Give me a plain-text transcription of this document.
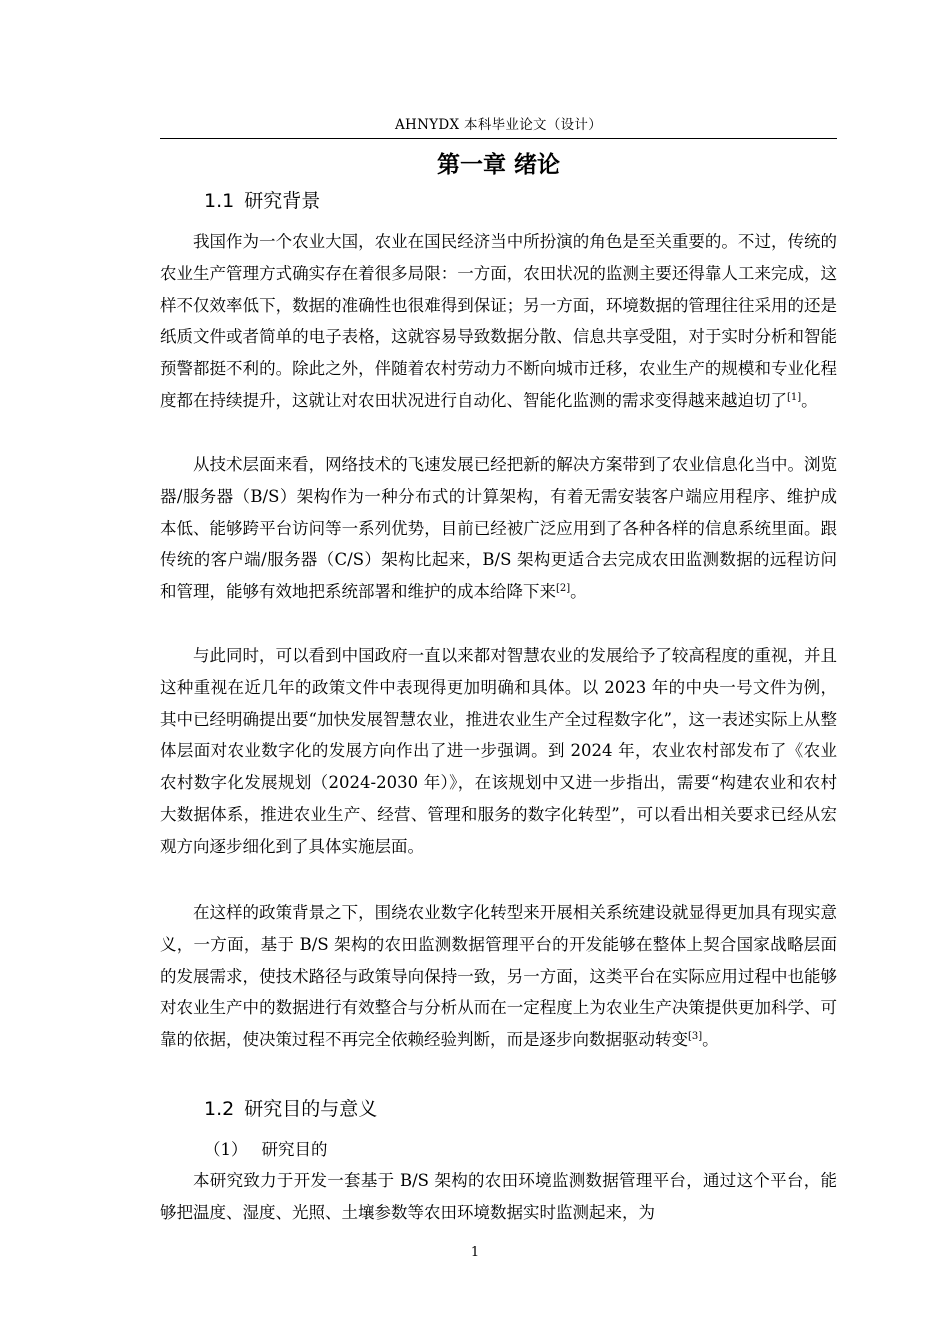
AHNYDX 本科毕业论文（设计）
第一章 绪论
1.1 研究背景

我国作为一个农业大国，农业在国民经济当中所扮演的角色是至关重要的。不过，传统的农业生产管理方式确实存在着很多局限：一方面，农田状况的监测主要还得靠人工来完成，这样不仅效率低下，数据的准确性也很难得到保证；另一方面，环境数据的管理往往采用的还是纸质文件或者简单的电子表格，这就容易导致数据分散、信息共享受阻，对于实时分析和智能预警都挺不利的。除此之外，伴随着农村劳动力不断向城市迁移，农业生产的规模和专业化程度都在持续提升，这就让对农田状况进行自动化、智能化监测的需求变得越来越迫切了[1]。

从技术层面来看，网络技术的飞速发展已经把新的解决方案带到了农业信息化当中。浏览器/服务器（B/S）架构作为一种分布式的计算架构，有着无需安装客户端应用程序、维护成本低、能够跨平台访问等一系列优势，目前已经被广泛应用到了各种各样的信息系统里面。跟传统的客户端/服务器（C/S）架构比起来，B/S 架构更适合去完成农田监测数据的远程访问和管理，能够有效地把系统部署和维护的成本给降下来[2]。

与此同时，可以看到中国政府一直以来都对智慧农业的发展给予了较高程度的重视，并且这种重视在近几年的政策文件中表现得更加明确和具体。以 2023 年的中央一号文件为例，其中已经明确提出要“加快发展智慧农业，推进农业生产全过程数字化”，这一表述实际上从整体层面对农业数字化的发展方向作出了进一步强调。到 2024 年，农业农村部发布了《农业农村数字化发展规划（2024-2030 年）》，在该规划中又进一步指出，需要“构建农业和农村大数据体系，推进农业生产、经营、管理和服务的数字化转型”，可以看出相关要求已经从宏观方向逐步细化到了具体实施层面。

在这样的政策背景之下，围绕农业数字化转型来开展相关系统建设就显得更加具有现实意义，一方面，基于 B/S 架构的农田监测数据管理平台的开发能够在整体上契合国家战略层面的发展需求，使技术路径与政策导向保持一致，另一方面，这类平台在实际应用过程中也能够对农业生产中的数据进行有效整合与分析从而在一定程度上为农业生产决策提供更加科学、可靠的依据，使决策过程不再完全依赖经验判断，而是逐步向数据驱动转变[3]。

1.2 研究目的与意义
（1） 研究目的

本研究致力于开发一套基于 B/S 架构的农田环境监测数据管理平台，通过这个平台，能够把温度、湿度、光照、土壤参数等农田环境数据实时监测起来，为

1
